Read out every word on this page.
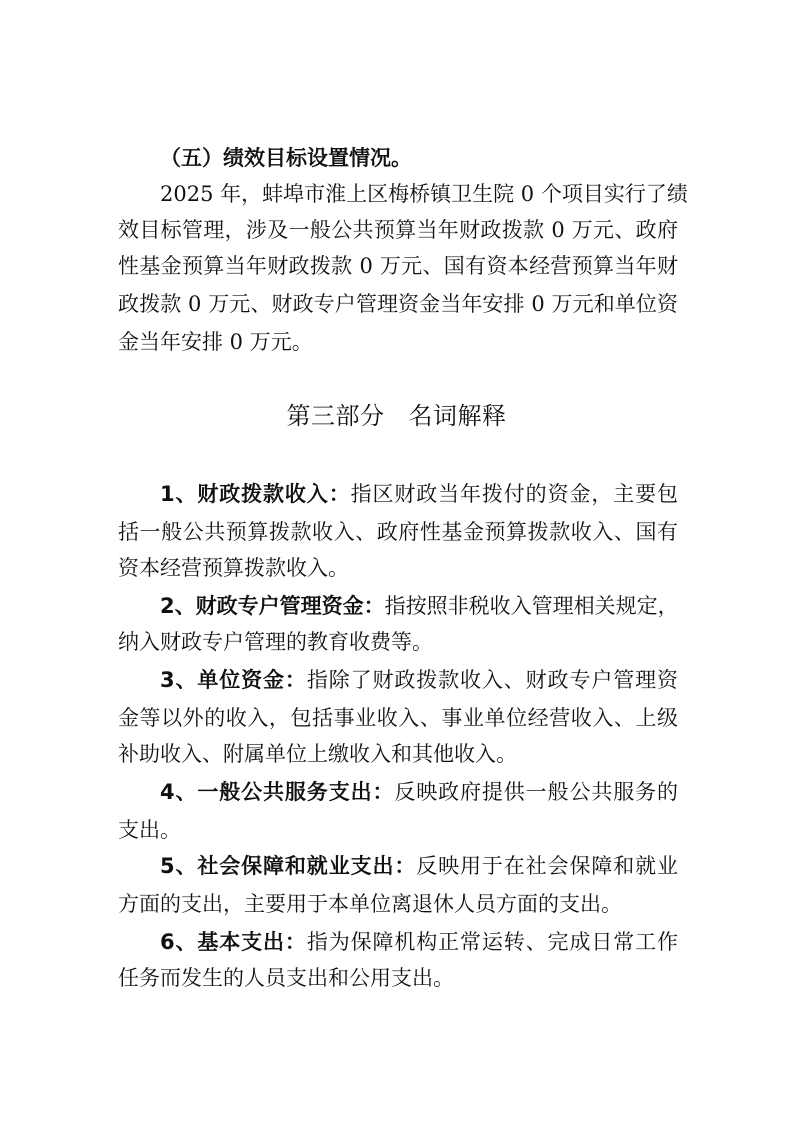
（五）绩效目标设置情况。
2025 年，蚌埠市淮上区梅桥镇卫生院 0 个项目实行了绩
效目标管理，涉及一般公共预算当年财政拨款 0 万元、政府
性基金预算当年财政拨款 0 万元、国有资本经营预算当年财
政拨款 0 万元、财政专户管理资金当年安排 0 万元和单位资
金当年安排 0 万元。
第三部分 名词解释
1、财政拨款收入：指区财政当年拨付的资金，主要包
括一般公共预算拨款收入、政府性基金预算拨款收入、国有
资本经营预算拨款收入。
2、财政专户管理资金：指按照非税收入管理相关规定，
纳入财政专户管理的教育收费等。
3、单位资金：指除了财政拨款收入、财政专户管理资
金等以外的收入，包括事业收入、事业单位经营收入、上级
补助收入、附属单位上缴收入和其他收入。
4、一般公共服务支出：反映政府提供一般公共服务的
支出。
5、社会保障和就业支出：反映用于在社会保障和就业
方面的支出，主要用于本单位离退休人员方面的支出。
6、基本支出：指为保障机构正常运转、完成日常工作
任务而发生的人员支出和公用支出。
